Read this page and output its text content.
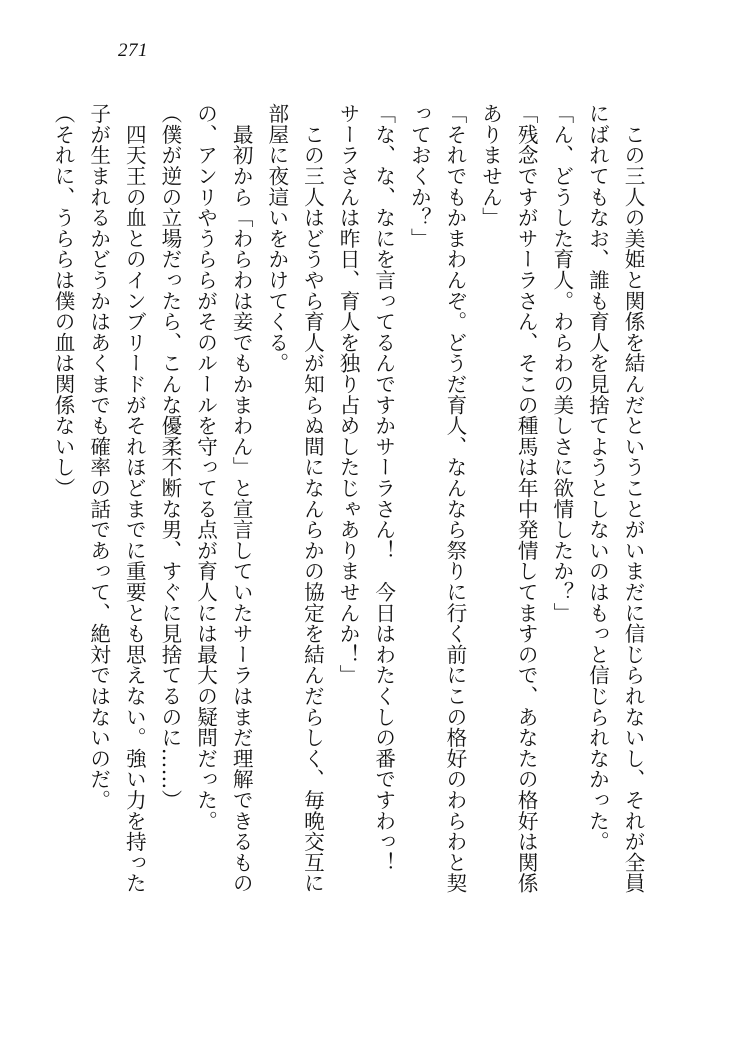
271

　この三人の美姫と関係を結んだということがいまだに信じられないし、それが全員

にばれてもなお、誰も育人を見捨てようとしないのはもっと信じられなかった。

「ん、どうした育人。わらわの美しさに欲情したか？」

「残念ですがサーラさん、そこの種馬は年中発情してますので、あなたの格好は関係

ありません」

「それでもかまわんぞ。どうだ育人、なんなら祭りに行く前にこの格好のわらわと契

っておくか？」

「な、な、なにを言ってるんですかサーラさん！　今日はわたくしの番ですわっ！

サーラさんは昨日、育人を独り占めしたじゃありませんか！」

　この三人はどうやら育人が知らぬ間になんらかの協定を結んだらしく、毎晩交互に

部屋に夜這いをかけてくる。

　最初から「わらわは妾でもかまわん」と宣言していたサーラはまだ理解できるもの

の、アンリやうららがそのルールを守ってる点が育人には最大の疑問だった。

（僕が逆の立場だったら、こんな優柔不断な男、すぐに見捨てるのに……）

　四天王の血とのインブリードがそれほどまでに重要とも思えない。強い力を持った

子が生まれるかどうかはあくまでも確率の話であって、絶対ではないのだ。

（それに、うららは僕の血は関係ないし）
